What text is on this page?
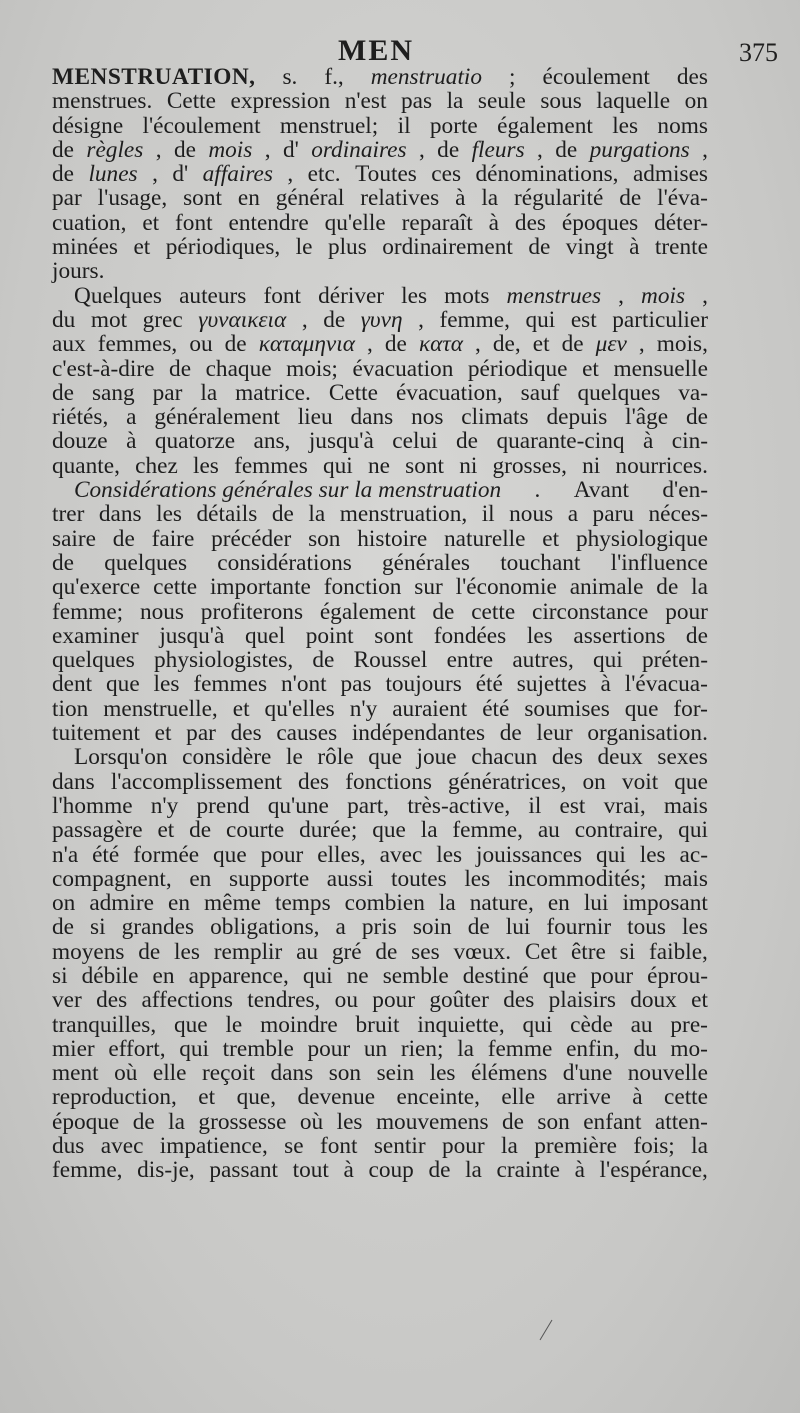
MEN	375
MENSTRUATION, s. f., menstruatio ; écoulement des
menstrues. Cette expression n'est pas la seule sous laquelle on
désigne l'écoulement menstruel; il porte également les noms
de règles , de mois , d' ordinaires , de fleurs , de purgations ,
de lunes , d' affaires , etc. Toutes ces dénominations, admises
par l'usage, sont en général relatives à la régularité de l'éva-
cuation, et font entendre qu'elle reparaît à des époques déter-
minées et périodiques, le plus ordinairement de vingt à trente
jours.
Quelques auteurs font dériver les mots menstrues , mois ,
du mot grec γυναικεια , de γυνη , femme, qui est particulier
aux femmes, ou de καταμηνια , de κατα , de, et de μεν , mois,
c'est-à-dire de chaque mois; évacuation périodique et mensuelle
de sang par la matrice. Cette évacuation, sauf quelques va-
riétés, a généralement lieu dans nos climats depuis l'âge de
douze à quatorze ans, jusqu'à celui de quarante-cinq à cin-
quante, chez les femmes qui ne sont ni grosses, ni nourrices.
Considérations générales sur la menstruation . Avant d'en-
trer dans les détails de la menstruation, il nous a paru néces-
saire de faire précéder son histoire naturelle et physiologique
de quelques considérations générales touchant l'influence
qu'exerce cette importante fonction sur l'économie animale de la
femme; nous profiterons également de cette circonstance pour
examiner jusqu'à quel point sont fondées les assertions de
quelques physiologistes, de Roussel entre autres, qui préten-
dent que les femmes n'ont pas toujours été sujettes à l'évacua-
tion menstruelle, et qu'elles n'y auraient été soumises que for-
tuitement et par des causes indépendantes de leur organisation.
Lorsqu'on considère le rôle que joue chacun des deux sexes
dans l'accomplissement des fonctions génératrices, on voit que
l'homme n'y prend qu'une part, très-active, il est vrai, mais
passagère et de courte durée; que la femme, au contraire, qui
n'a été formée que pour elles, avec les jouissances qui les ac-
compagnent, en supporte aussi toutes les incommodités; mais
on admire en même temps combien la nature, en lui imposant
de si grandes obligations, a pris soin de lui fournir tous les
moyens de les remplir au gré de ses vœux. Cet être si faible,
si débile en apparence, qui ne semble destiné que pour éprou-
ver des affections tendres, ou pour goûter des plaisirs doux et
tranquilles, que le moindre bruit inquiette, qui cède au pre-
mier effort, qui tremble pour un rien; la femme enfin, du mo-
ment où elle reçoit dans son sein les élémens d'une nouvelle
reproduction, et que, devenue enceinte, elle arrive à cette
époque de la grossesse où les mouvemens de son enfant atten-
dus avec impatience, se font sentir pour la première fois; la
femme, dis-je, passant tout à coup de la crainte à l'espérance,
